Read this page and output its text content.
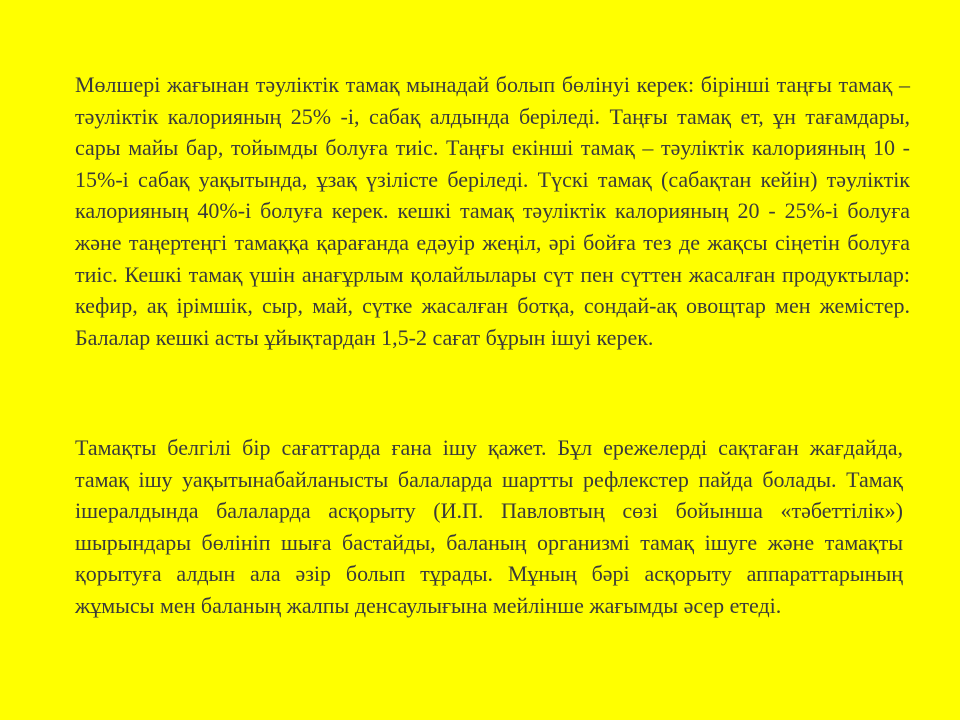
Мөлшері жағынан тәуліктік тамақ мынадай болып бөлінуі керек: бірінші таңғы тамақ – тәуліктік калорияның 25% -і, сабақ алдында беріледі. Таңғы тамақ ет, ұн тағамдары, сары майы бар, тойымды болуға тиіс. Таңғы екінші тамақ – тәуліктік калорияның 10 - 15%-і сабақ уақытында, ұзақ үзілісте беріледі. Түскі тамақ (сабақтан кейін) тәуліктік калорияның 40%-і болуға керек. кешкі тамақ тәуліктік калорияның 20 - 25%-і болуға және таңертеңгі тамаққа қарағанда едәуір жеңіл, әрі бойға тез де жақсы сіңетін болуға тиіс. Кешкі тамақ үшін анағұрлым қолайлылары сүт пен сүттен жасалған продуктылар: кефир, ақ ірімшік, сыр, май, сүтке жасалған ботқа, сондай-ақ овощтар мен жемістер. Балалар кешкі асты ұйықтардан 1,5-2 сағат бұрын ішуі керек.

Тамақты белгілі бір сағаттарда ғана ішу қажет. Бұл ережелерді сақтаған жағдайда, тамақ ішу уақытынабайланысты балаларда шартты рефлекстер пайда болады. Тамақ ішералдында балаларда асқорыту (И.П. Павловтың сөзі бойынша «тәбеттілік») шырындары бөлініп шыға бастайды, баланың организмі тамақ ішуге және тамақты қорытуға алдын ала әзір болып тұрады. Мұның бәрі асқорыту аппараттарының жұмысы мен баланың жалпы денсаулығына мейлінше жағымды әсер етеді.
